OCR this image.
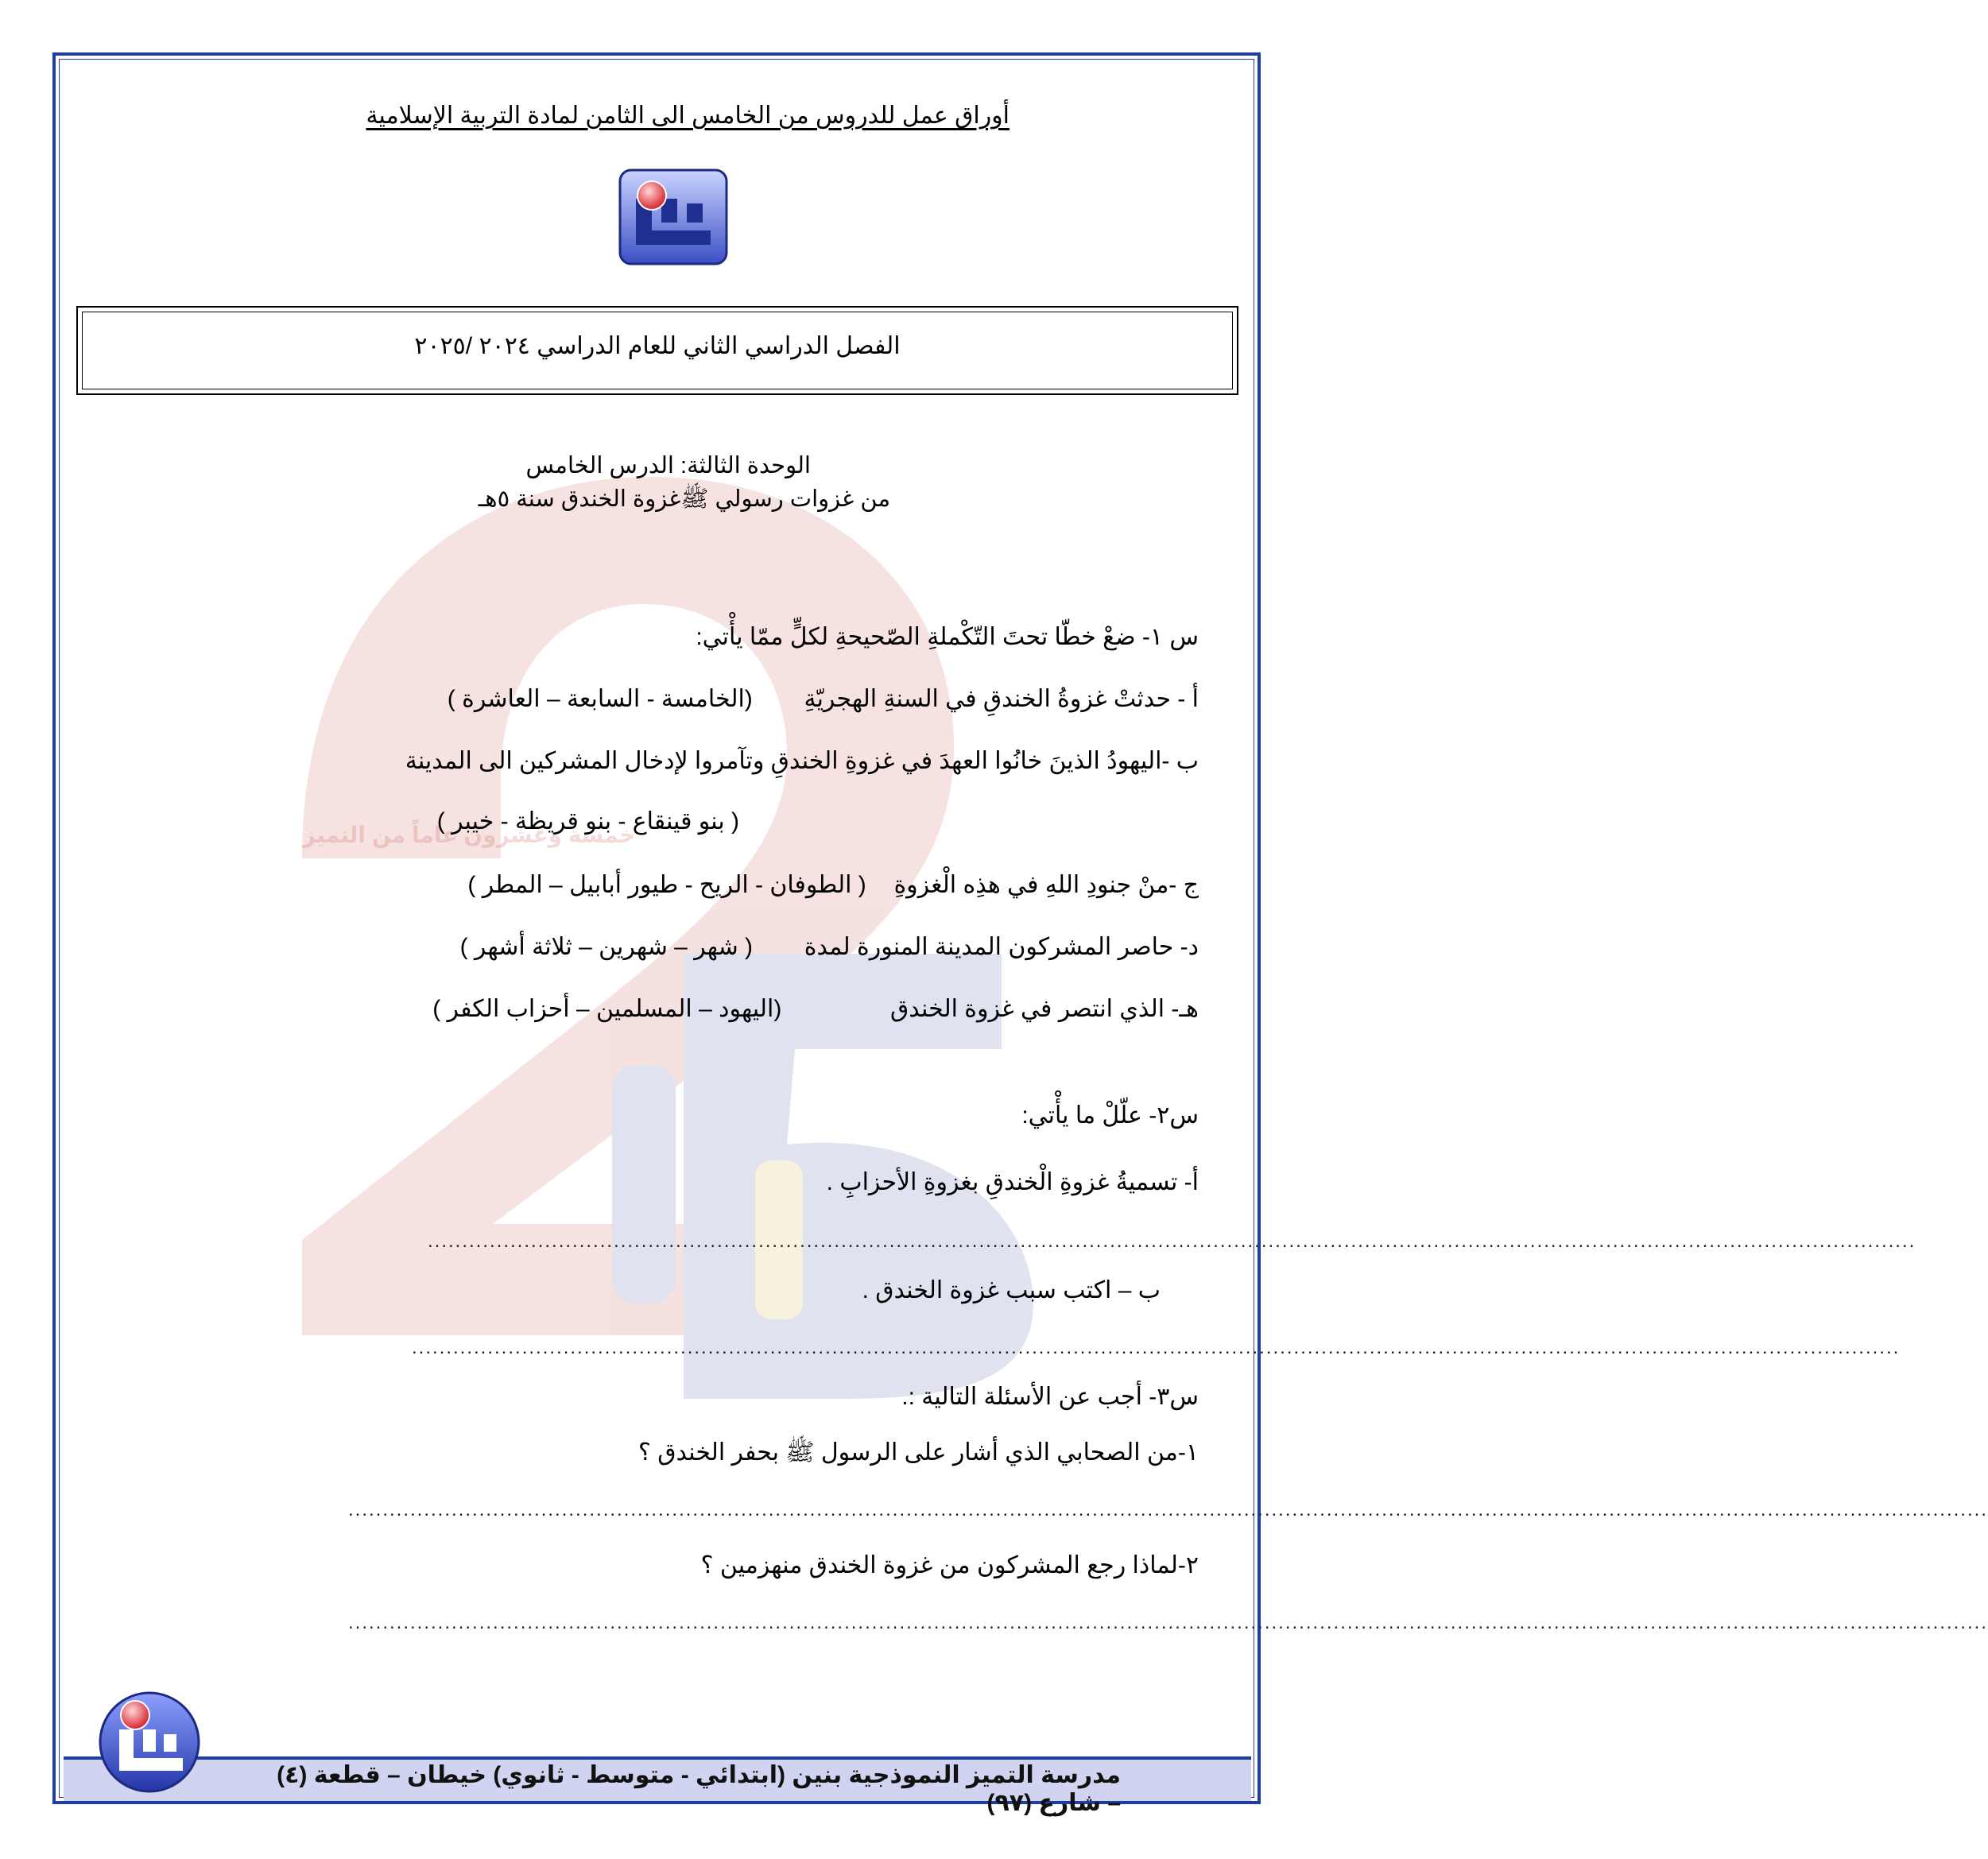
خمسة وعشرون عاماً من التميز
أوراق عمل للدروس من الخامس الى الثامن لمادة التربية الإسلامية
الفصل الدراسي الثاني للعام الدراسي ٢٠٢٤ /٢٠٢٥
الوحدة الثالثة: الدرس الخامس
من غزوات رسولي ﷺغزوة الخندق سنة ٥هـ
س ١- ضعْ خطّا تحتَ التّكْملةِ الصّحيحةِ لكلٍّ ممّا يأْتي:
أ - حدثتْ غزوةُ الخندقِ في السنةِ الهجريّةِ  (الخامسة - السابعة – العاشرة )
ب -اليهودُ الذينَ خانُوا العهدَ في غزوةِ الخندقِ وتآمروا لإدخال المشركين الى المدينة
( بنو قينقاع - بنو قريظة - خيبر )
ج -منْ جنودِ اللهِ في هذِه الْغزوةِ  ( الطوفان - الريح - طيور أبابيل – المطر )
د- حاصر المشركون المدينة المنورة لمدة  ( شهر – شهرين – ثلاثة أشهر )
هـ- الذي انتصر في غزوة الخندق  (اليهود – المسلمين – أحزاب الكفر )
س٢- علّلْ ما يأْتي:
أ- تسميةُ غزوةِ الْخندقِ بغزوةِ الأحزابِ .
........................................................................................................................................................................................................................
ب – اكتب سبب غزوة الخندق .
........................................................................................................................................................................................................................
س٣- أجب عن الأسئلة التالية :.
١-من الصحابي الذي أشار على الرسول ﷺ بحفر الخندق ؟
..............................................................................................................................................................................................................................................
٢-لماذا رجع المشركون من غزوة الخندق منهزمين ؟
..............................................................................................................................................................................................................................................
مدرسة التميز النموذجية بنين (ابتدائي - متوسط - ثانوي) خيطان – قطعة (٤) – شارع (٩٧)
